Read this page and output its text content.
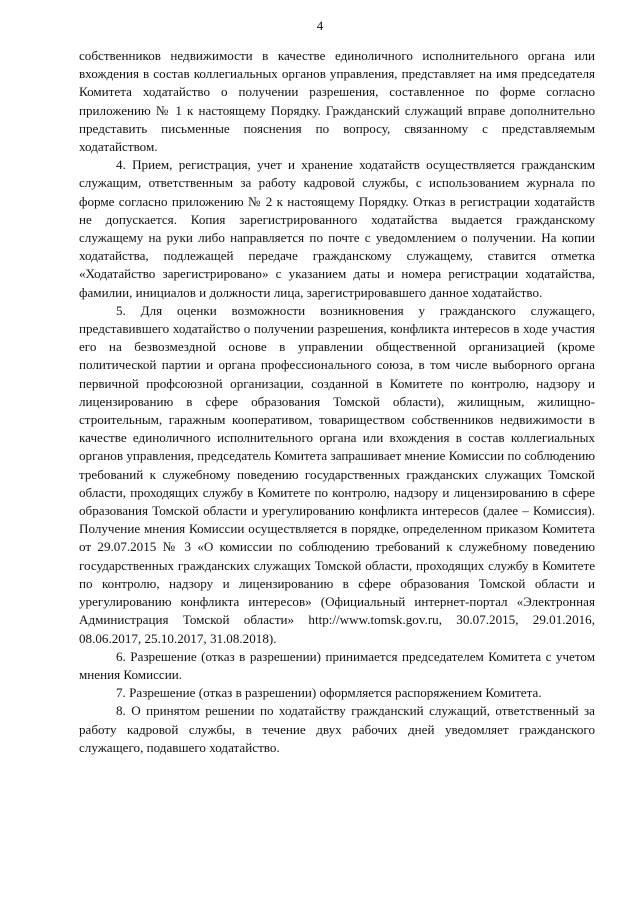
4

собственников недвижимости в качестве единоличного исполнительного органа или вхождения в состав коллегиальных органов управления, представляет на имя председателя Комитета ходатайство о получении разрешения, составленное по форме согласно приложению № 1 к настоящему Порядку. Гражданский служащий вправе дополнительно представить письменные пояснения по вопросу, связанному с представляемым ходатайством.

4. Прием, регистрация, учет и хранение ходатайств осуществляется гражданским служащим, ответственным за работу кадровой службы, с использованием журнала по форме согласно приложению № 2 к настоящему Порядку. Отказ в регистрации ходатайств не допускается. Копия зарегистрированного ходатайства выдается гражданскому служащему на руки либо направляется по почте с уведомлением о получении. На копии ходатайства, подлежащей передаче гражданскому служащему, ставится отметка «Ходатайство зарегистрировано» с указанием даты и номера регистрации ходатайства, фамилии, инициалов и должности лица, зарегистрировавшего данное ходатайство.

5. Для оценки возможности возникновения у гражданского служащего, представившего ходатайство о получении разрешения, конфликта интересов в ходе участия его на безвозмездной основе в управлении общественной организацией (кроме политической партии и органа профессионального союза, в том числе выборного органа первичной профсоюзной организации, созданной в Комитете по контролю, надзору и лицензированию в сфере образования Томской области), жилищным, жилищно-строительным, гаражным кооперативом, товариществом собственников недвижимости в качестве единоличного исполнительного органа или вхождения в состав коллегиальных органов управления, председатель Комитета запрашивает мнение Комиссии по соблюдению требований к служебному поведению государственных гражданских служащих Томской области, проходящих службу в Комитете по контролю, надзору и лицензированию в сфере образования Томской области и урегулированию конфликта интересов (далее – Комиссия). Получение мнения Комиссии осуществляется в порядке, определенном приказом Комитета от 29.07.2015 № 3 «О комиссии по соблюдению требований к служебному поведению государственных гражданских служащих Томской области, проходящих службу в Комитете по контролю, надзору и лицензированию в сфере образования Томской области и урегулированию конфликта интересов» (Официальный интернет-портал «Электронная Администрация Томской области» http://www.tomsk.gov.ru, 30.07.2015, 29.01.2016, 08.06.2017, 25.10.2017, 31.08.2018).

6. Разрешение (отказ в разрешении) принимается председателем Комитета с учетом мнения Комиссии.

7. Разрешение (отказ в разрешении) оформляется распоряжением Комитета.

8. О принятом решении по ходатайству гражданский служащий, ответственный за работу кадровой службы, в течение двух рабочих дней уведомляет гражданского служащего, подавшего ходатайство.
